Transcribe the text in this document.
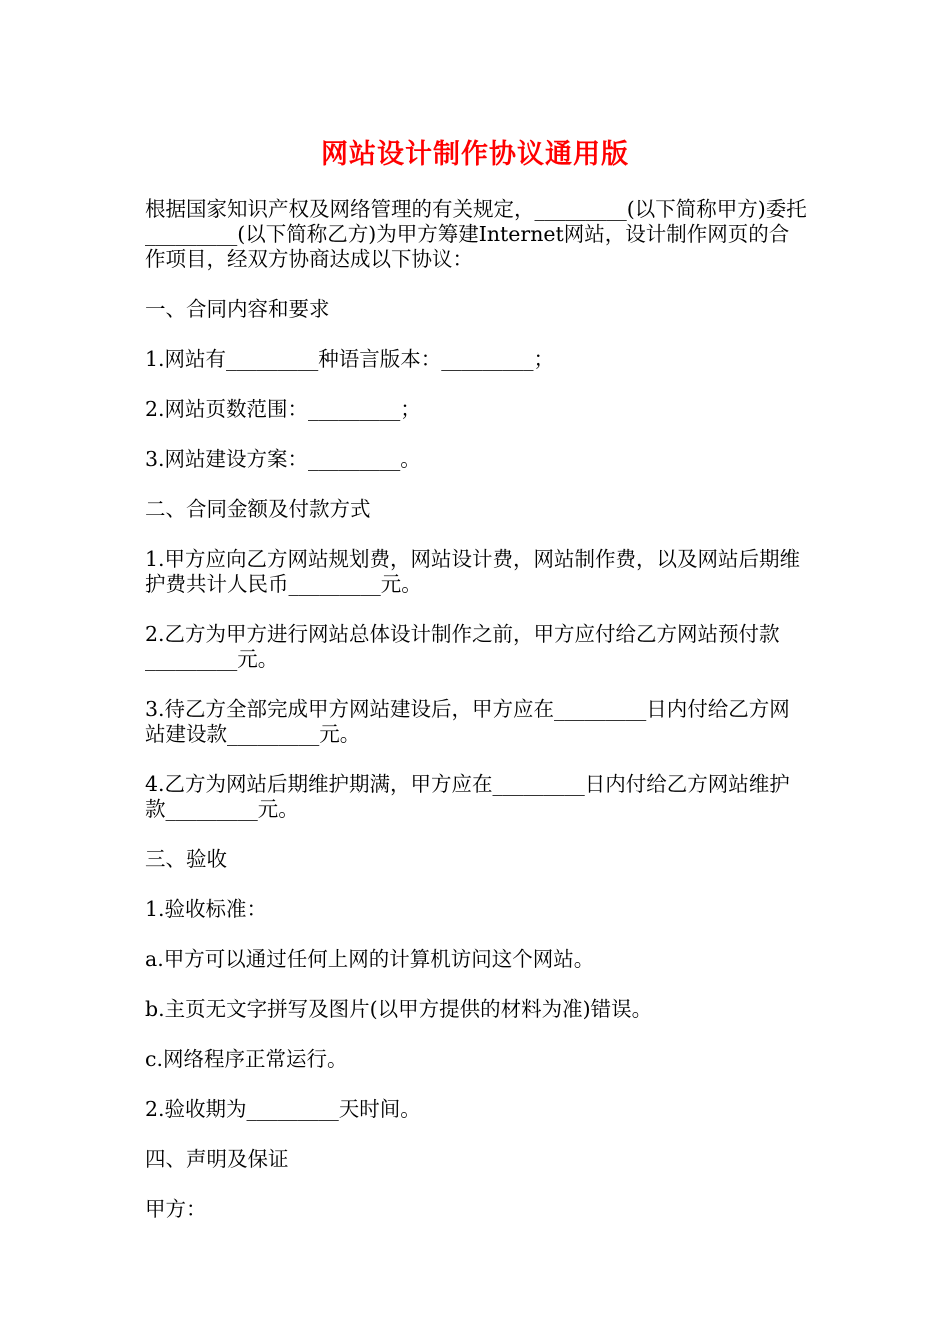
网站设计制作协议通用版

根据国家知识产权及网络管理的有关规定，_________(以下简称甲方)委托_________(以下简称乙方)为甲方筹建Internet网站，设计制作网页的合作项目，经双方协商达成以下协议：

一、合同内容和要求

1.网站有_________种语言版本：_________；

2.网站页数范围：_________；

3.网站建设方案：_________。

二、合同金额及付款方式

1.甲方应向乙方网站规划费，网站设计费，网站制作费，以及网站后期维护费共计人民币_________元。

2.乙方为甲方进行网站总体设计制作之前，甲方应付给乙方网站预付款_________元。

3.待乙方全部完成甲方网站建设后，甲方应在_________日内付给乙方网站建设款_________元。

4.乙方为网站后期维护期满，甲方应在_________日内付给乙方网站维护款_________元。

三、验收

1.验收标准：

a.甲方可以通过任何上网的计算机访问这个网站。

b.主页无文字拼写及图片(以甲方提供的材料为准)错误。

c.网络程序正常运行。

2.验收期为_________天时间。

四、声明及保证

甲方：
